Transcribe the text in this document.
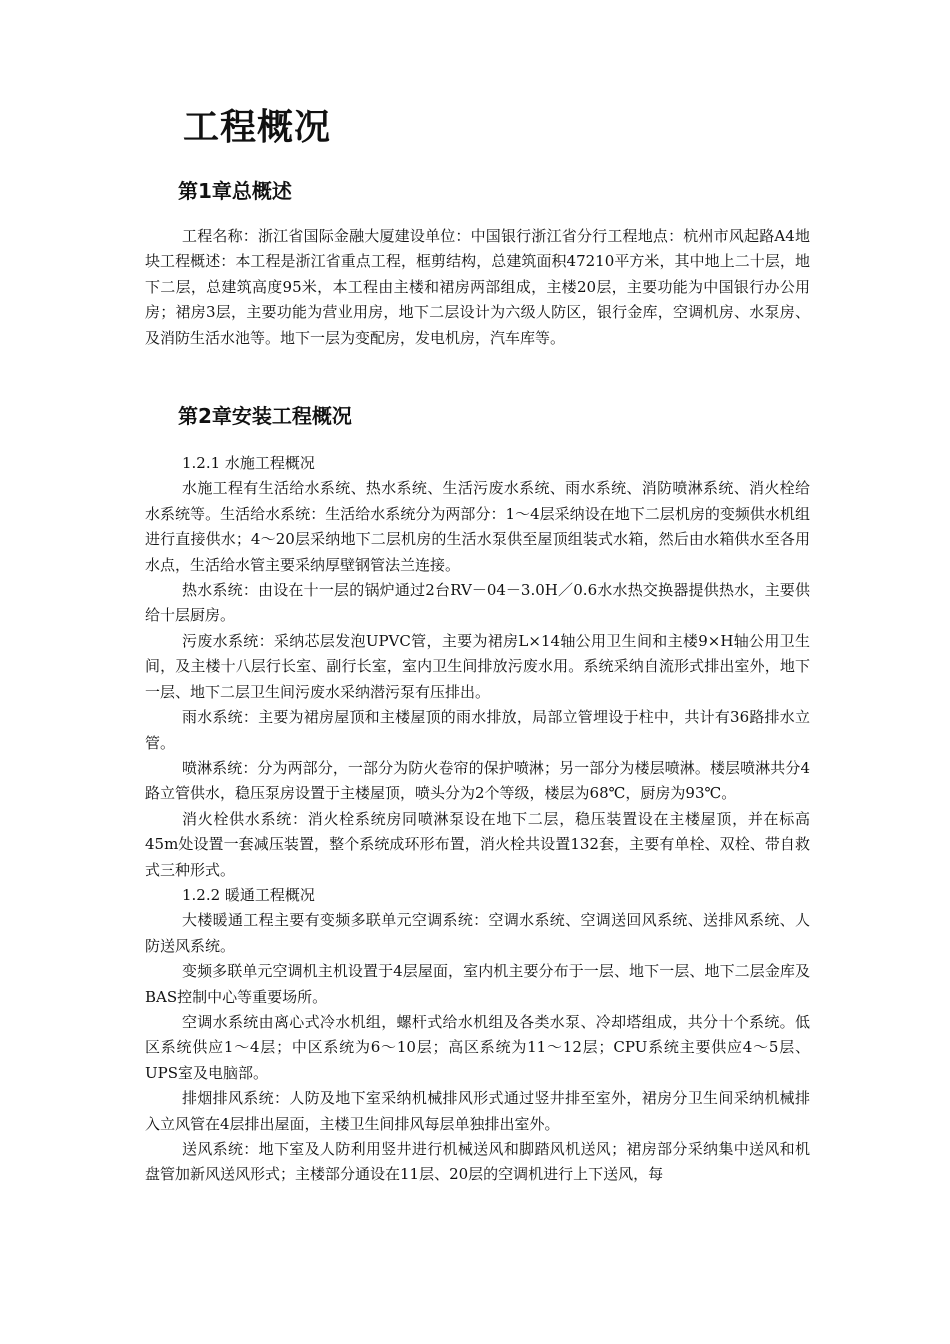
工程概况
第1章总概述

工程名称：浙江省国际金融大厦建设单位：中国银行浙江省分行工程地点：杭州市风起路A4地块工程概述：本工程是浙江省重点工程，框剪结构，总建筑面积47210平方米，其中地上二十层，地下二层，总建筑高度95米，本工程由主楼和裙房两部组成，主楼20层，主要功能为中国银行办公用房；裙房3层，主要功能为营业用房，地下二层设计为六级人防区，银行金库，空调机房、水泵房、及消防生活水池等。地下一层为变配房，发电机房，汽车库等。

第2章安装工程概况
1.2.1 水施工程概况

水施工程有生活给水系统、热水系统、生活污废水系统、雨水系统、消防喷淋系统、消火栓给水系统等。生活给水系统：生活给水系统分为两部分：1～4层采纳设在地下二层机房的变频供水机组进行直接供水；4～20层采纳地下二层机房的生活水泵供至屋顶组装式水箱，然后由水箱供水至各用水点，生活给水管主要采纳厚壁钢管法兰连接。

热水系统：由设在十一层的锅炉通过2台RV－04－3.0H／0.6水水热交换器提供热水，主要供给十层厨房。

污废水系统：采纳芯层发泡UPVC管，主要为裙房L×14轴公用卫生间和主楼9×H轴公用卫生间，及主楼十八层行长室、副行长室，室内卫生间排放污废水用。系统采纳自流形式排出室外，地下一层、地下二层卫生间污废水采纳潜污泵有压排出。

雨水系统：主要为裙房屋顶和主楼屋顶的雨水排放，局部立管埋设于柱中，共计有36路排水立管。

喷淋系统：分为两部分，一部分为防火卷帘的保护喷淋；另一部分为楼层喷淋。楼层喷淋共分4路立管供水，稳压泵房设置于主楼屋顶，喷头分为2个等级，楼层为68℃，厨房为93℃。

消火栓供水系统：消火栓系统房同喷淋泵设在地下二层，稳压装置设在主楼屋顶，并在标高45m处设置一套减压装置，整个系统成环形布置，消火栓共设置132套，主要有单栓、双栓、带自救式三种形式。

1.2.2 暖通工程概况

大楼暖通工程主要有变频多联单元空调系统：空调水系统、空调送回风系统、送排风系统、人防送风系统。

变频多联单元空调机主机设置于4层屋面，室内机主要分布于一层、地下一层、地下二层金库及BAS控制中心等重要场所。

空调水系统由离心式冷水机组，螺杆式给水机组及各类水泵、冷却塔组成，共分十个系统。低区系统供应1～4层；中区系统为6～10层；高区系统为11～12层；CPU系统主要供应4～5层、UPS室及电脑部。

排烟排风系统：人防及地下室采纳机械排风形式通过竖井排至室外，裙房分卫生间采纳机械排入立风管在4层排出屋面，主楼卫生间排风每层单独排出室外。

送风系统：地下室及人防利用竖井进行机械送风和脚踏风机送风；裙房部分采纳集中送风和机盘管加新风送风形式；主楼部分通设在11层、20层的空调机进行上下送风，每
